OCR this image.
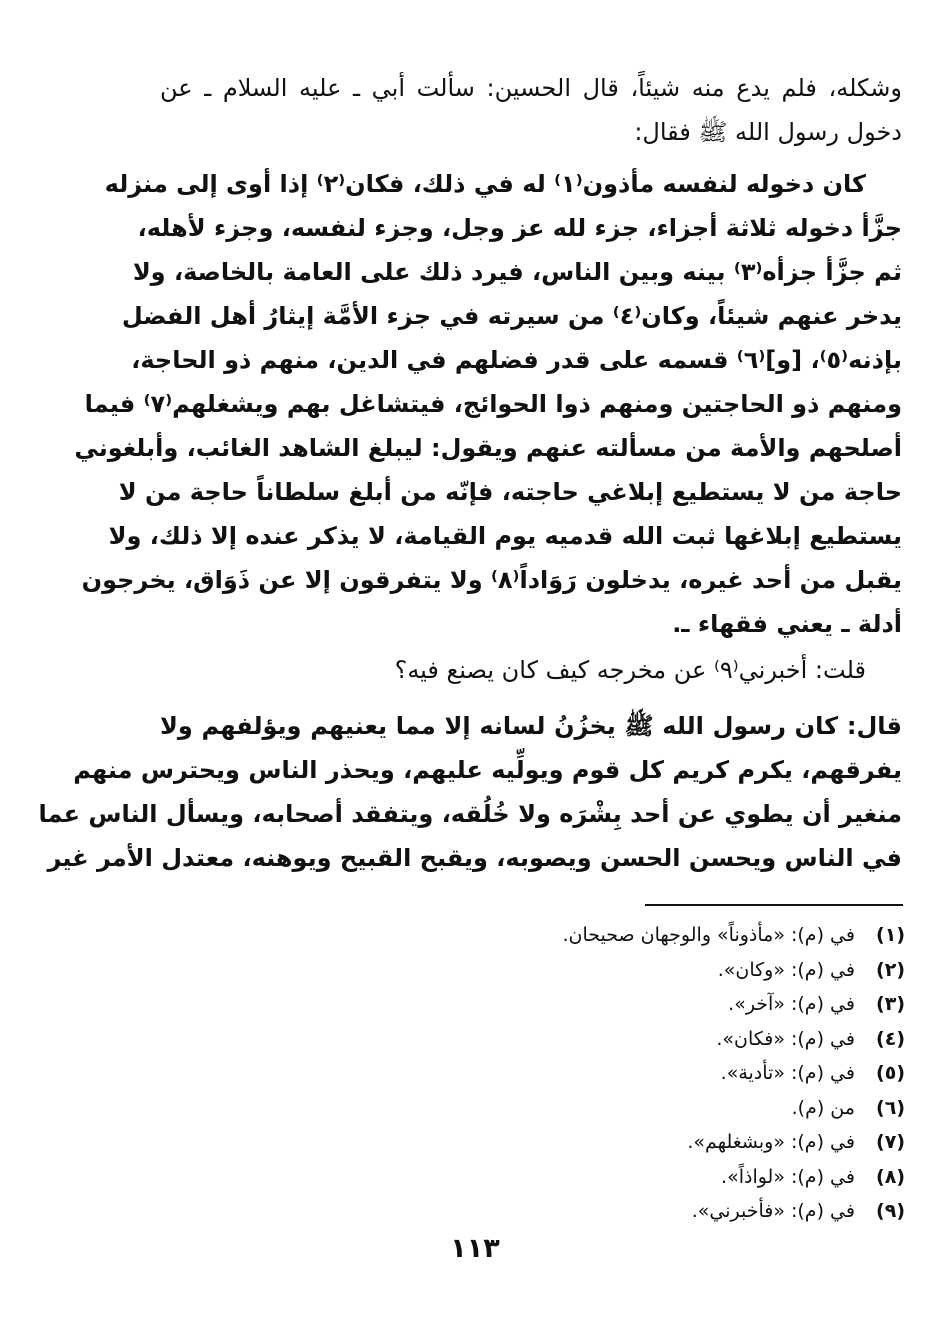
وشكله، فلم يدع منه شيئاً، قال الحسين: سألت أبي ـ عليه السلام ـ عن
دخول رسول الله ﷺ فقال:
كان دخوله لنفسه مأذون⁽١⁾ له في ذلك، فكان⁽٢⁾ إذا أوى إلى منزله
جزَّأ دخوله ثلاثة أجزاء، جزء لله عز وجل، وجزء لنفسه، وجزء لأهله،
ثم جزَّأ جزأه⁽٣⁾ بينه وبين الناس، فيرد ذلك على العامة بالخاصة، ولا
يدخر عنهم شيئاً، وكان⁽٤⁾ من سيرته في جزء الأمَّة إيثارُ أهل الفضل
بإذنه⁽٥⁾، [و]⁽٦⁾ قسمه على قدر فضلهم في الدين، منهم ذو الحاجة،
ومنهم ذو الحاجتين ومنهم ذوا الحوائج، فيتشاغل بهم ويشغلهم⁽٧⁾ فيما
أصلحهم والأمة من مسألته عنهم ويقول: ليبلغ الشاهد الغائب، وأبلغوني
حاجة من لا يستطيع إبلاغي حاجته، فإنّه من أبلغ سلطاناً حاجة من لا
يستطيع إبلاغها ثبت الله قدميه يوم القيامة، لا يذكر عنده إلا ذلك، ولا
يقبل من أحد غيره، يدخلون رَوَاداً⁽٨⁾ ولا يتفرقون إلا عن ذَوَاق، يخرجون
أدلة ـ يعني فقهاء ـ.
قلت: أخبرني⁽٩⁾ عن مخرجه كيف كان يصنع فيه؟
قال: كان رسول الله ﷺ يخزُنُ لسانه إلا مما يعنيهم ويؤلفهم ولا
يفرقهم، يكرم كريم كل قوم ويولِّيه عليهم، ويحذر الناس ويحترس منهم
منغير أن يطوي عن أحد بِشْرَه ولا خُلُقه، ويتفقد أصحابه، ويسأل الناس عما
في الناس ويحسن الحسن ويصوبه، ويقبح القبيح ويوهنه، معتدل الأمر غير
(١) في (م): «مأذوناً» والوجهان صحيحان.
(٢) في (م): «وكان».
(٣) في (م): «آخر».
(٤) في (م): «فكان».
(٥) في (م): «تأدية».
(٦) من (م).
(٧) في (م): «وبشغلهم».
(٨) في (م): «لواذاً».
(٩) في (م): «فأخبرني».
١١٣
